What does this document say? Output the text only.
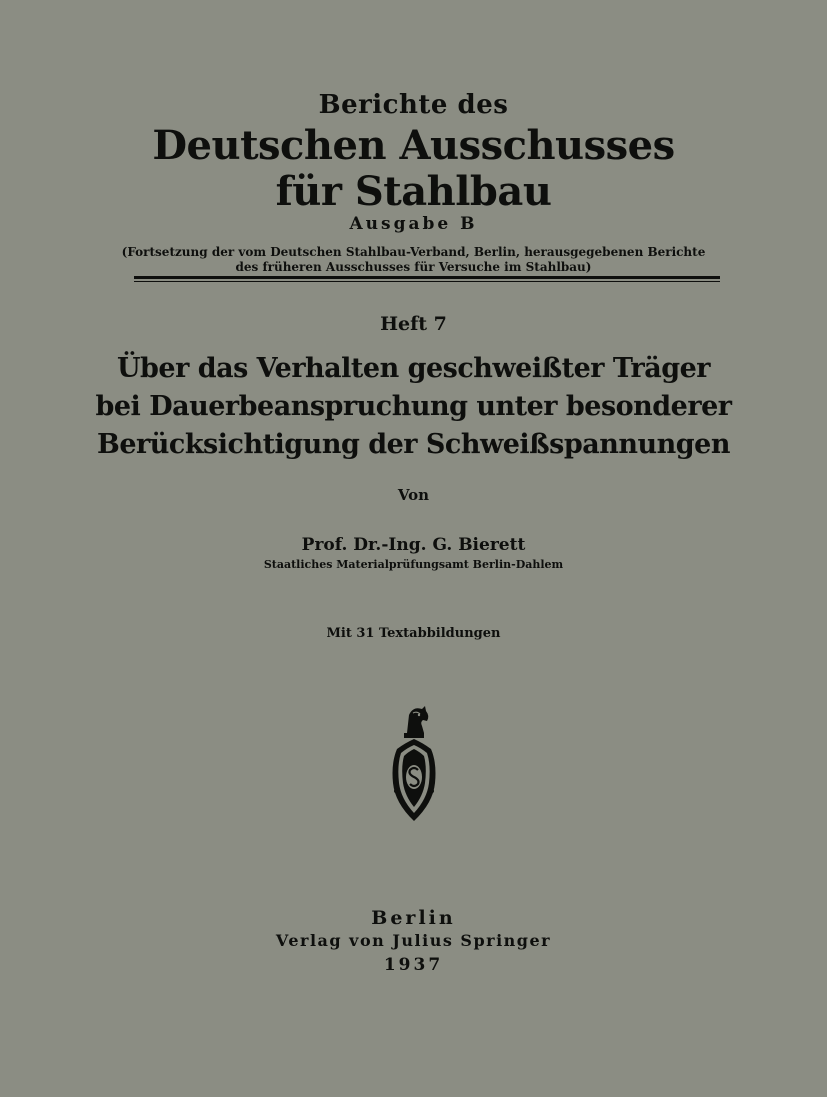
Berichte des
Deutschen Ausschusses
für Stahlbau
Ausgabe B
(Fortsetzung der vom Deutschen Stahlbau-Verband, Berlin, herausgegebenen Berichte
des früheren Ausschusses für Versuche im Stahlbau)
Heft 7
Über das Verhalten geschweißter Träger
bei Dauerbeanspruchung unter besonderer
Berücksichtigung der Schweißspannungen
Von
Prof. Dr.-Ing. G. Bierett
Staatliches Materialprüfungsamt Berlin-Dahlem
Mit 31 Textabbildungen
Berlin
Verlag von Julius Springer
1937
